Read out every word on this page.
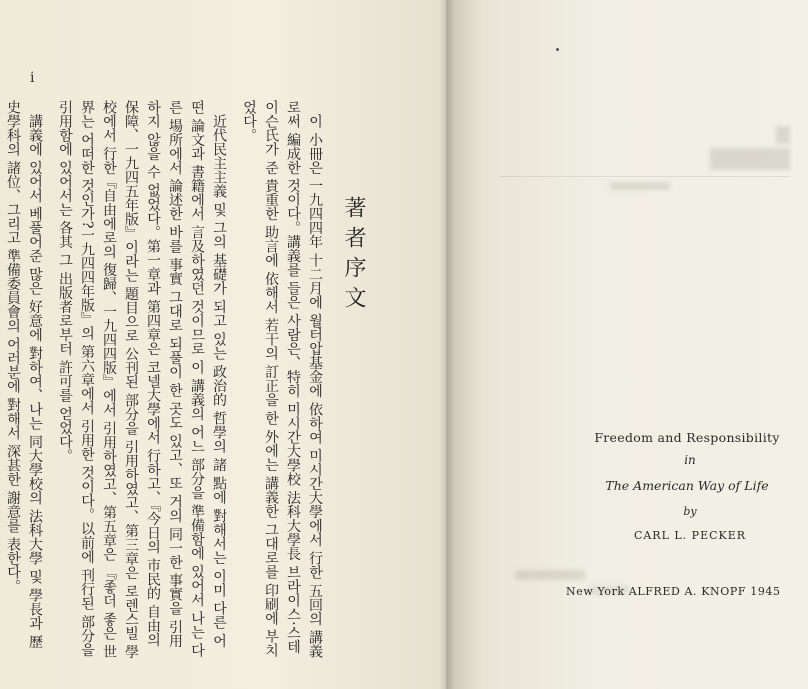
i
著者序文

이 小冊은 一九四四年 十二月에 월터압基金에 依하여 미시간大學에서 行한 五回의 講義로써 編成한 것이다。講義를 들은 사람은、特히 미시간大學校 法科大學長 브라이스·스테이슨氏가 준 貴重한 助言에 依해서 若干의 訂正을 한 外에는 講義한 그대로를 印刷에 부치었다。

近代民主主義 및 그의 基礎가 되고 있는 政治的 哲學의 諸 點에 對해서는 이미 다른 어떤 論文과 書籍에서 言及하였던 것이므로 이 講義의 어느 部分을 準備함에 있어서 나는 다른 場所에서 論述한 바를 事實 그대로 되풀이 한 곳도 있고、또 거의 同一한 事實을 引用하지 않을 수 없었다。第一章과 第四章은 코넬大學에서 行하고、『今日의 市民的 自由의 保障、一九四五年版』이라는 題目으로 公刊된 部分을 引用하였고、第三章은 로렌스빌 學校에서 行한『自由에로의 復歸、一九四四版』에서 引用하였고、第五章은 『좋더 좋은 世界는 어떠한 것인가?一九四四年版』의 第六章에서 引用한 것이다。以前에 刊行된 部分을 引用함에 있어서는 各其 그 出版者로부터 許可를 얻었다。

講義에 있어서 베풀어준 많은 好意에 對하여、나는 同大學校의 法科大學 및 學長과 歷史學科의 諸位、그리고 準備委員會의 어러분에 對해서 深甚한 謝意를 表한다。	Freedom and Responsibility
in
The American Way of Life
by
CARL L. PECKER
New York ALFRED A. KNOPF 1945
